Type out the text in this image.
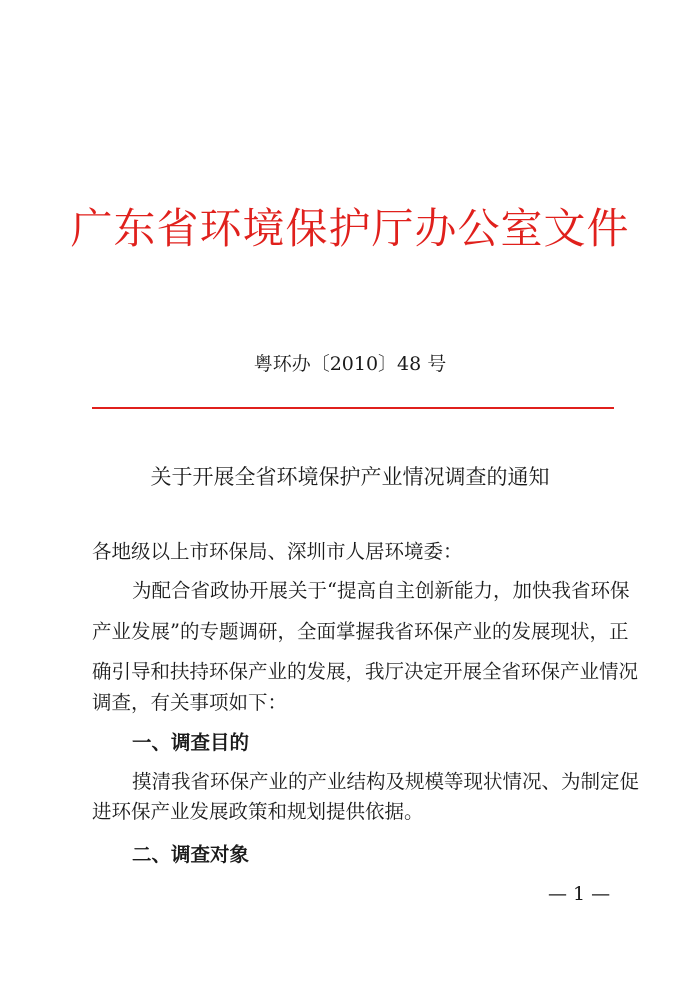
广东省环境保护厅办公室文件
粤环办〔2010〕48 号
关于开展全省环境保护产业情况调查的通知
各地级以上市环保局、深圳市人居环境委：
为配合省政协开展关于“提高自主创新能力，加快我省环保
产业发展”的专题调研，全面掌握我省环保产业的发展现状，正
确引导和扶持环保产业的发展，我厅决定开展全省环保产业情况
调查，有关事项如下：
一、调查目的
摸清我省环保产业的产业结构及规模等现状情况、为制定促
进环保产业发展政策和规划提供依据。
二、调查对象
— 1 —
